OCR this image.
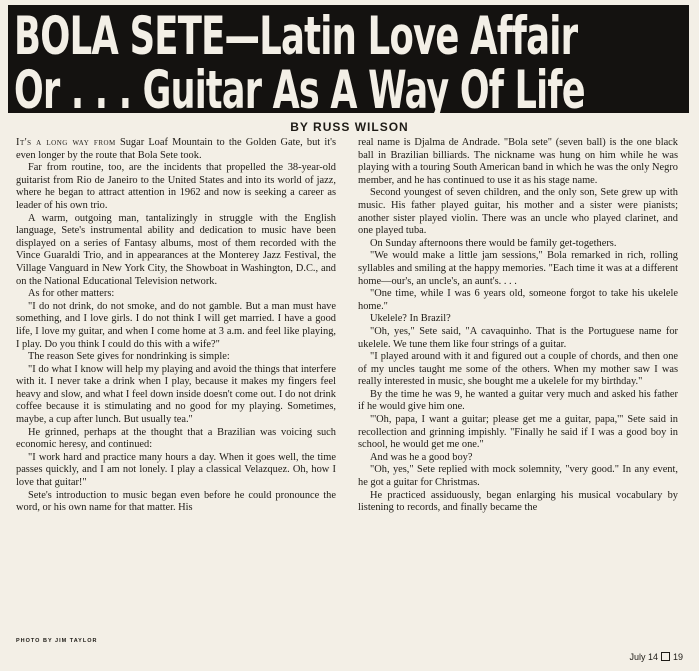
BOLA SETE—Latin Love Affair
Or . . . Guitar As A Way Of Life
BY RUSS WILSON

It's a long way from Sugar Loaf Mountain to the Golden Gate, but it's even longer by the route that Bola Sete took.

Far from routine, too, are the incidents that propelled the 38-year-old guitarist from Rio de Janeiro to the United States and into its world of jazz, where he began to attract attention in 1962 and now is seeking a career as leader of his own trio.

A warm, outgoing man, tantalizingly in struggle with the English language, Sete's instrumental ability and dedication to music have been displayed on a series of Fantasy albums, most of them recorded with the Vince Guaraldi Trio, and in appearances at the Monterey Jazz Festival, the Village Vanguard in New York City, the Showboat in Washington, D.C., and on the National Educational Television network.

As for other matters:

"I do not drink, do not smoke, and do not gamble. But a man must have something, and I love girls. I do not think I will get married. I have a good life, I love my guitar, and when I come home at 3 a.m. and feel like playing, I play. Do you think I could do this with a wife?"

The reason Sete gives for nondrinking is simple:

"I do what I know will help my playing and avoid the things that interfere with it. I never take a drink when I play, because it makes my fingers feel heavy and slow, and what I feel down inside doesn't come out. I do not drink coffee because it is stimulating and no good for my playing. Sometimes, maybe, a cup after lunch. But usually tea."

He grinned, perhaps at the thought that a Brazilian was voicing such economic heresy, and continued:

"I work hard and practice many hours a day. When it goes well, the time passes quickly, and I am not lonely. I play a classical Velazquez. Oh, how I love that guitar!"

Sete's introduction to music began even before he could pronounce the word, or his own name for that matter. His

real name is Djalma de Andrade. "Bola sete" (seven ball) is the one black ball in Brazilian billiards. The nickname was hung on him while he was playing with a touring South American band in which he was the only Negro member, and he has continued to use it as his stage name.

Second youngest of seven children, and the only son, Sete grew up with music. His father played guitar, his mother and a sister were pianists; another sister played violin. There was an uncle who played clarinet, and one played tuba.

On Sunday afternoons there would be family get-togethers.

"We would make a little jam sessions," Bola remarked in rich, rolling syllables and smiling at the happy memories. "Each time it was at a different home—our's, an uncle's, an aunt's. . . .

"One time, while I was 6 years old, someone forgot to take his ukelele home."

Ukelele? In Brazil?

"Oh, yes," Sete said, "A cavaquinho. That is the Portuguese name for ukelele. We tune them like four strings of a guitar.

"I played around with it and figured out a couple of chords, and then one of my uncles taught me some of the others. When my mother saw I was really interested in music, she bought me a ukelele for my birthday."

By the time he was 9, he wanted a guitar very much and asked his father if he would give him one.

"'Oh, papa, I want a guitar; please get me a guitar, papa,'" Sete said in recollection and grinning impishly. "Finally he said if I was a good boy in school, he would get me one."

And was he a good boy?

"Oh, yes," Sete replied with mock solemnity, "very good." In any event, he got a guitar for Christmas.

He practiced assiduously, began enlarging his musical vocabulary by listening to records, and finally became the

PHOTO BY JIM TAYLOR
July 14 19
